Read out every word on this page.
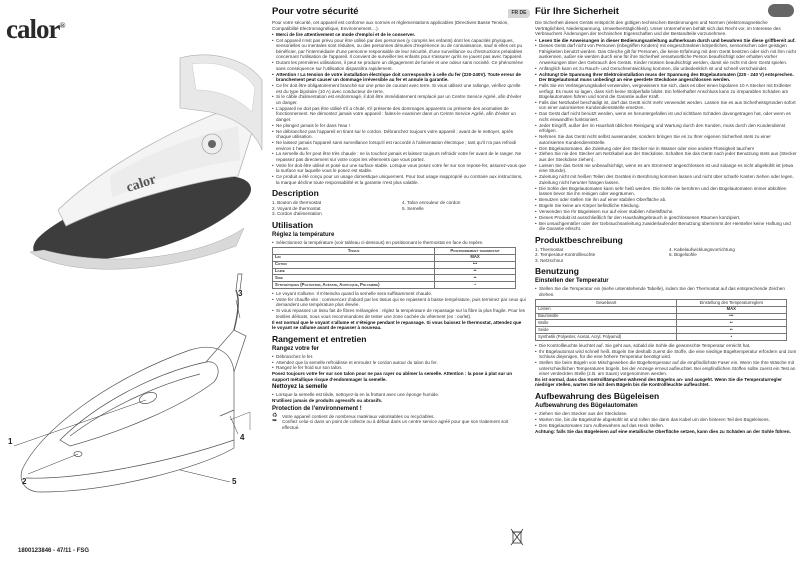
calor®
calor
1
2
3
4
5
1800123846 - 47/11 - FSG
FR DE
Pour votre sécurité

Pour votre sécurité, cet appareil est conforme aux normes et réglementations applicables (Directives Basse Tension, Compatibilité Electromagnétique, Environnement…).

• Merci de lire attentivement ce mode d'emploi et de le conserver.
• Cet appareil n'est pas prévu pour être utilisé par des personnes (y compris les enfants) dont les capacités physiques, sensorielles ou mentales sont réduites, ou des personnes dénuées d'expérience ou de connaissance, sauf si elles ont pu bénéficier, par l'intermédiaire d'une personne responsable de leur sécurité, d'une surveillance ou d'instructions préalables concernant l'utilisation de l'appareil. Il convient de surveiller les enfants pour s'assurer qu'ils ne jouent pas avec l'appareil.
• Durant les premières utilisations, il peut se produire un dégagement de fumée et une odeur sans nocivité. Ce phénomène sans conséquence sur l'utilisation disparaîtra rapidement.
• Attention ! La tension de votre installation électrique doit correspondre à celle du fer (220-240V). Toute erreur de branchement peut causer un dommage irréversible au fer et annule la garantie.
• Ce fer doit être obligatoirement branché sur une prise de courant avec terre. Si vous utilisez une rallonge, vérifiez qu'elle est du type bipolaire (10 A) avec conducteur de terre.
• Si le câble d'alimentation est endommagé, il doit être immédiatement remplacé par un Centre Service Agréé, afin d'éviter un danger.
• L'appareil ne doit pas être utilisé s'il a chuté, s'il présente des dommages apparents ou présente des anomalies de fonctionnement. Ne démontez jamais votre appareil : faites-le examiner dans un Centre Service Agréé, afin d'éviter un danger.
• Ne plongez jamais le fer dans l'eau !
• Ne débranchez pas l'appareil en tirant sur le cordon. Débranchez toujours votre appareil : avant de le nettoyer, après chaque utilisation.
• Ne laissez jamais l'appareil sans surveillance lorsqu'il est raccordé à l'alimentation électrique ; tant qu'il n'a pas refroidi environ 1 heure.
• La semelle du fer peut être très chaude : ne la touchez jamais et laissez toujours refroidir votre fer avant de le ranger. Ne repassez pas directement sur votre corps les vêtements que vous portez.
• Votre fer doit être utilisé et posé sur une surface stable. Lorsque vous posez votre fer sur son repose-fer, assurez-vous que la surface sur laquelle vous le posez est stable.
• Ce produit a été conçu pour un usage domestique uniquement. Pour tout usage inapproprié ou contraire aux instructions, la marque décline toute responsabilité et la garantie n'est plus valable.
Description
1. Bouton de thermostat
2. Voyant de thermostat
3. Cordon d'alimentation
4. Talon enrouleur de cordon
5. Semelle
Utilisation
Réglez la température
• Sélectionnez la température (voir tableau ci-dessous) en positionnant le thermostat en face du repère.
Tissus	Positionnement thermostat
Lin	MAX
Coton	•••
Laine	••
Soie	••
Synthétiques (Polyester, Acétate, Acrylique, Polyamide)	•
• Le voyant s'allume. Il s'éteindra quand la semelle sera suffisamment chaude.
• Votre fer chauffe vite : commencez d'abord par les tissus qui se repassent à basse température, puis terminez par ceux qui demandent une température plus élevée.
• Si vous repassez un tissu fait de fibres mélangées : réglez la température de repassage sur la fibre la plus fragile. Pour les textiles délicats, nous vous recommandons de tester une zone cachée du vêtement (ex : ourlet).

Il est normal que le voyant s'allume et s'éteigne pendant le repassage. Si vous baissez le thermostat, attendez que le voyant se rallume avant de repasser à nouveau.

Rangement et entretien
Rangez votre fer
• Débranchez le fer.
• Attendez que la semelle refroidisse et enroulez le cordon autour du talon du fer.
• Rangez le fer froid sur son talon.

Posez toujours votre fer sur son talon pour ne pas rayer ou abîmer la semelle. Attention : la pose à plat sur un support métallique risque d'endommager la semelle.

Nettoyez la semelle
• Lorsque la semelle est tiède, nettoyez-la en la frottant avec une éponge humide.

N'utilisez jamais de produits agressifs ou abrasifs.

Protection de l'environnement !
♻	Votre appareil contient de nombreux matériaux valorisables ou recyclables.
➥	Confiez celui-ci dans un point de collecte ou à défaut dans un centre service agréé pour que son traitement soit effectué.
Für Ihre Sicherheit

Die Sicherheit dieses Geräts entspricht den gültigen technischen Bestimmungen und Normen (elektromagnetische Verträglichkeit, Niederspannung, Umweltverträglichkeit). Unser Unternehmen behält sich das Recht vor, im Interesse des Verbrauchers Änderungen der technischen Eigenschaften und der Bestandteile vorzunehmen.

• Lesen Sie die Anweisungen in dieser Bedienungsanleitung aufmerksam durch und bewahren Sie diese griffbereit auf.
• Dieses Gerät darf nicht von Personen (inbegriffen Kindern) mit eingeschränkten körperlichen, sensorischen oder geistigen Fähigkeiten benutzt werden. Das Gleiche gilt für Personen, die keine Erfahrung mit dem Gerät besitzen oder sich mit ihm nicht auskennen, außer sie werden durch eine für ihre Sicherheit verantwortliche Person beaufsichtigt oder erhalten vorher Anweisungen über den Gebrauch des Geräts. Kinder müssen beaufsichtigt werden, damit sie nicht mit dem Gerät spielen.
• Anfänglich kann es zu Rauch- und Geruchsentwicklung kommen, die unbedenklich ist und schnell verschwindet.
• Achtung! Die Spannung Ihrer Elektroinstallation muss der Spannung des Bügelautomaten (220 - 240 V) entsprechen. Der Bügelautomat muss unbedingt an eine geerdete Steckdose angeschlossen werden.
• Falls Sie ein Verlängerungskabel verwenden, vergewissern Sie sich, dass es über einen bipolaren 10 A Stecker mit Erdleiter verfügt. Es muss so lagen, dass sich keine Stolperfalle bildet. Ein fehlerhafter Anschluss kann zu irreparablen Schäden am Bügelautomaten führen und somit die Garantie außer Kraft.
• Falls das Netzkabel beschädigt ist, darf das Gerät nicht mehr verwendet werden. Lassen Sie es aus Sicherheitsgründen sofort von einer autorisierten Kundendienststelle ersetzen.
• Das Gerät darf nicht benutzt werden, wenn es heruntergefallen ist und sichtbare Schäden davongetragen hat, oder wenn es nicht einwandfrei funktioniert.
• Jeder Eingriff, außer der im Haushalt üblichen Reinigung und Wartung durch den Kunden, muss durch den Kundendienst erfolgen.
• Nehmen Sie das Gerät nicht selbst auseinander, sondern bringen Sie es zu Ihrer eigenen Sicherheit stets zu einer autorisierten Kundendienststelle.
• Den Bügelautomaten, die Zuleitung oder den Stecker nie in Wasser oder eine andere Flüssigkeit tauchen!
• Ziehen Sie nie den Stecker am Netzkabel aus der Steckdose. Schalten Sie das Gerät nach jeder Benutzung stets aus (Stecker aus der Steckdose ziehen).
• Lassen Sie das Gerät nie unbeaufsichtigt, wenn es am Stromnetz angeschlossen ist und solange es nicht abgekühlt ist (etwa eine Stunde).
• Zuleitung nicht mit heißen Teilen des Gerätes in Berührung kommen lassen und nicht über scharfe Kanten ziehen oder legen. Zuleitung nicht herunter hängen lassen.
• Die Sohle des Bügelautomaten kann sehr heiß werden. Die Sohle nie berühren und den Bügelautomaten immer abkühlen lassen bevor Sie ihn reinigen oder wegräumen.
• Benutzen oder stellen Sie ihn auf einer stabilen Oberfläche ab.
• Bügeln Sie keine am Körper befindliche Kleidung.
• Verwenden Sie Ihr Bügeleisen nur auf einer stabilen Arbeitsfläche.
• Dieses Produkt ist ausschließlich für den Haushaltsgebrauch in geschlossenen Räumen konzipiert.
• Bei unsachgemäßer oder der Gebrauchsanleitung zuwiderlaufender Benutzung übernimmt der Hersteller keine Haftung und die Garantie erlischt.
Produktbeschreibung
1. Thermostat
2. Temperatur-Kontrollleuchte
3. Netzschnur
4. Kabelaufwicklungsvorrichtung
5. Bügelsohle
Benutzung
Einstellen der Temperatur
• Stellen Sie die Temperatur ein (siehe untenstehende Tabelle), indem Sie den Thermostat auf das entsprechende Zeichen drehen.
Gewebeart	Einstellung des Temperaturreglers
Leinen	MAX
Baumwolle	•••
Wolle	••
Seide	••
Synthetik (Polyester, Acetat, Acryl, Polyamid)	•
• Die Kontrollleuchte leuchtet auf. Sie geht aus, sobald die Sohle die gewünschte Temperatur erreicht hat.
• Ihr Bügelautomat wird schnell heiß. Bügeln Sie deshalb zuerst die Stoffe, die eine niedrige Bügeltemperatur erfordern und zum Schluss diejenigen, für die eine höhere Temperatur benötigt wird.
• Stellen Sie beim Bügeln von Mischgeweben die Bügeltemperatur auf die empfindlichste Faser ein. Wenn Sie Ihre Wäsche mit unterschiedlichen Temperaturen bügeln, bei der Anzeige erneut aufleuchtet. Bei empfindlichen Stoffen sollte zuerst ein Test an einer verdeckten Stelle (z.B. am Saum) vorgenommen werden.

Es ist normal, dass das Kontrolllämpchen während des Bügelns an- und ausgeht. Wenn Sie die Temperaturregler niedriger stellen, warten Sie mit dem Bügeln bis die Kontrollleuchte aufleuchtet.

Aufbewahrung des Bügeleisen
Aufbewahrung des Bügelautomaten
• Ziehen Sie den Stecker aus der Steckdose.
• Warten Sie, bis die Bügelsohle abgekühlt ist und rollen Sie dann das Kabel um den hinteren Teil des Bügeleisens.
• Den Bügelautomaten zum Aufbewahren auf das Heck stellen.

Achtung: falls Sie das Bügeleisen auf eine metallische Oberfläche setzen, kann dies zu Schäden an der Sohle führen.
